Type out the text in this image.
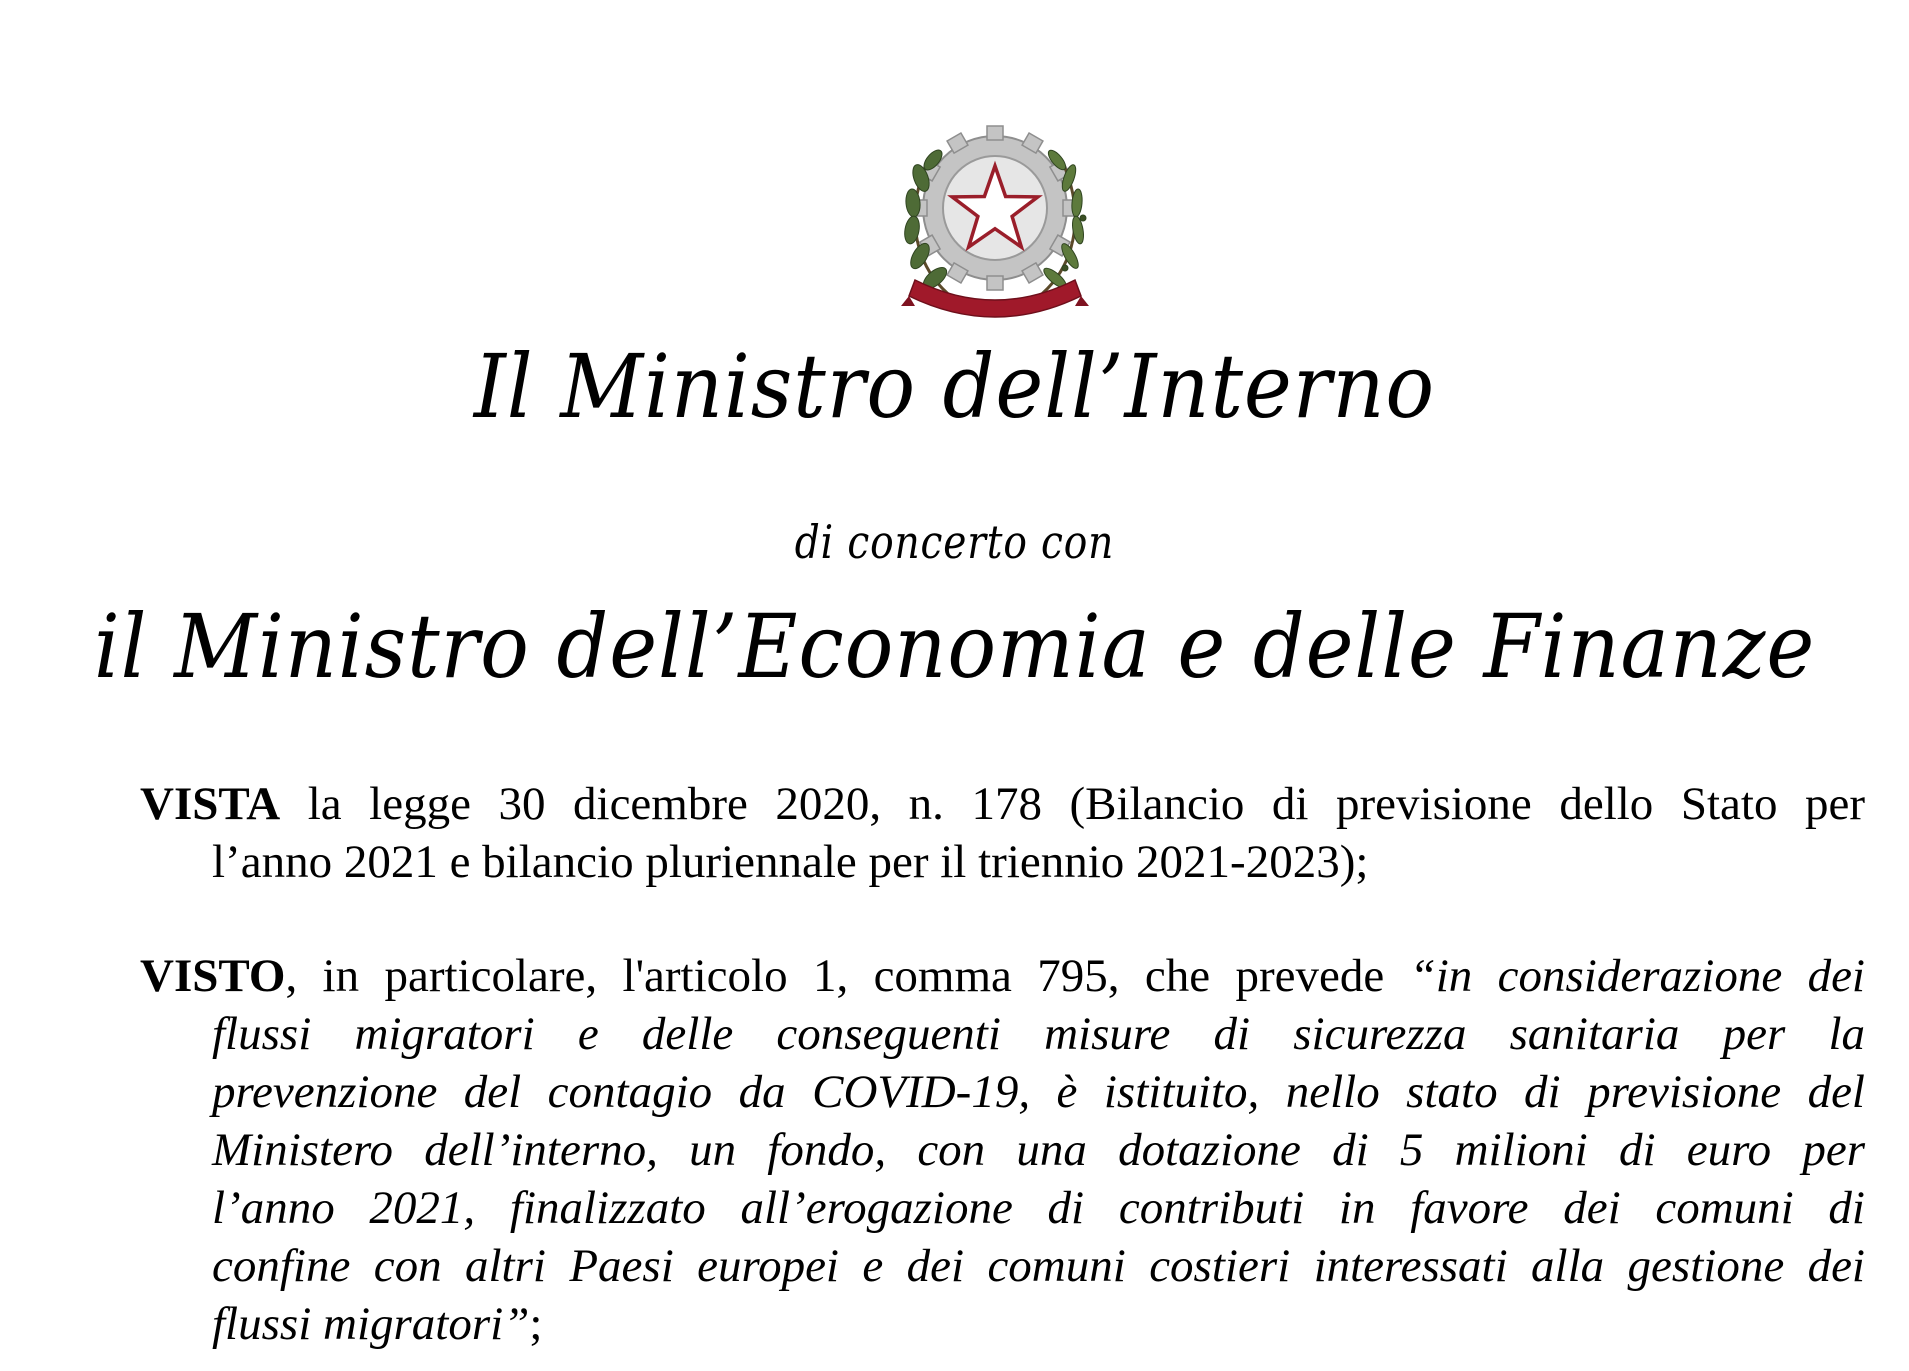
Il Ministro dell’Interno
di concerto con
il Ministro dell’Economia e delle Finanze
VISTA la legge 30 dicembre 2020, n. 178 (Bilancio di previsione dello Stato per
l’anno 2021 e bilancio pluriennale per il triennio 2021-2023);
VISTO, in particolare, l'articolo 1, comma 795, che prevede “in considerazione dei
flussi migratori e delle conseguenti misure di sicurezza sanitaria per la
prevenzione del contagio da COVID-19, è istituito, nello stato di previsione del
Ministero dell’interno, un fondo, con una dotazione di 5 milioni di euro per
l’anno 2021, finalizzato all’erogazione di contributi in favore dei comuni di
confine con altri Paesi europei e dei comuni costieri interessati alla gestione dei
flussi migratori”;
